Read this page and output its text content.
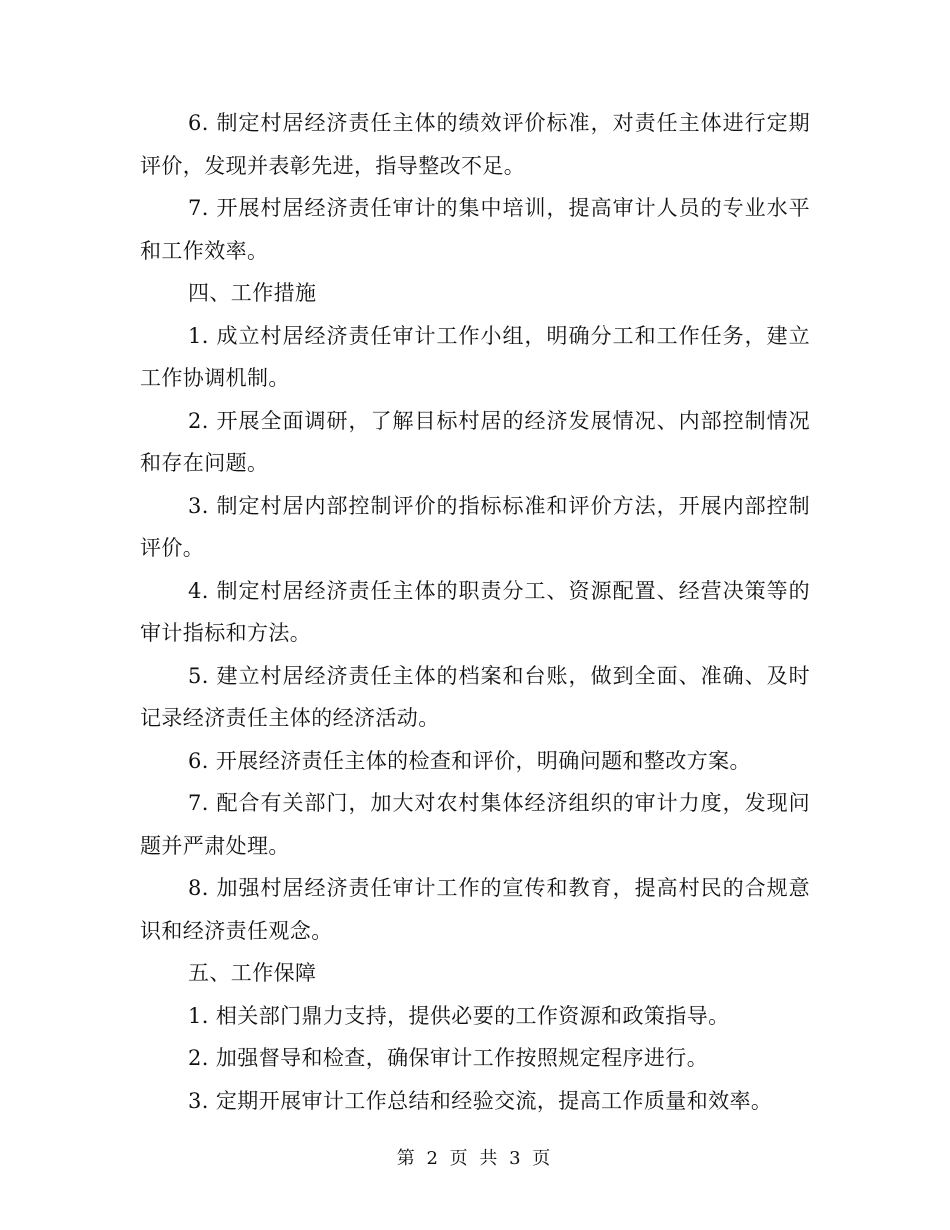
6. 制定村居经济责任主体的绩效评价标准，对责任主体进行定期评价，发现并表彰先进，指导整改不足。

7. 开展村居经济责任审计的集中培训，提高审计人员的专业水平和工作效率。

四、工作措施

1. 成立村居经济责任审计工作小组，明确分工和工作任务，建立工作协调机制。

2. 开展全面调研，了解目标村居的经济发展情况、内部控制情况和存在问题。

3. 制定村居内部控制评价的指标标准和评价方法，开展内部控制评价。

4. 制定村居经济责任主体的职责分工、资源配置、经营决策等的审计指标和方法。

5. 建立村居经济责任主体的档案和台账，做到全面、准确、及时记录经济责任主体的经济活动。

6. 开展经济责任主体的检查和评价，明确问题和整改方案。

7. 配合有关部门，加大对农村集体经济组织的审计力度，发现问题并严肃处理。

8. 加强村居经济责任审计工作的宣传和教育，提高村民的合规意识和经济责任观念。

五、工作保障

1. 相关部门鼎力支持，提供必要的工作资源和政策指导。

2. 加强督导和检查，确保审计工作按照规定程序进行。

3. 定期开展审计工作总结和经验交流，提高工作质量和效率。

第 2 页 共 3 页
